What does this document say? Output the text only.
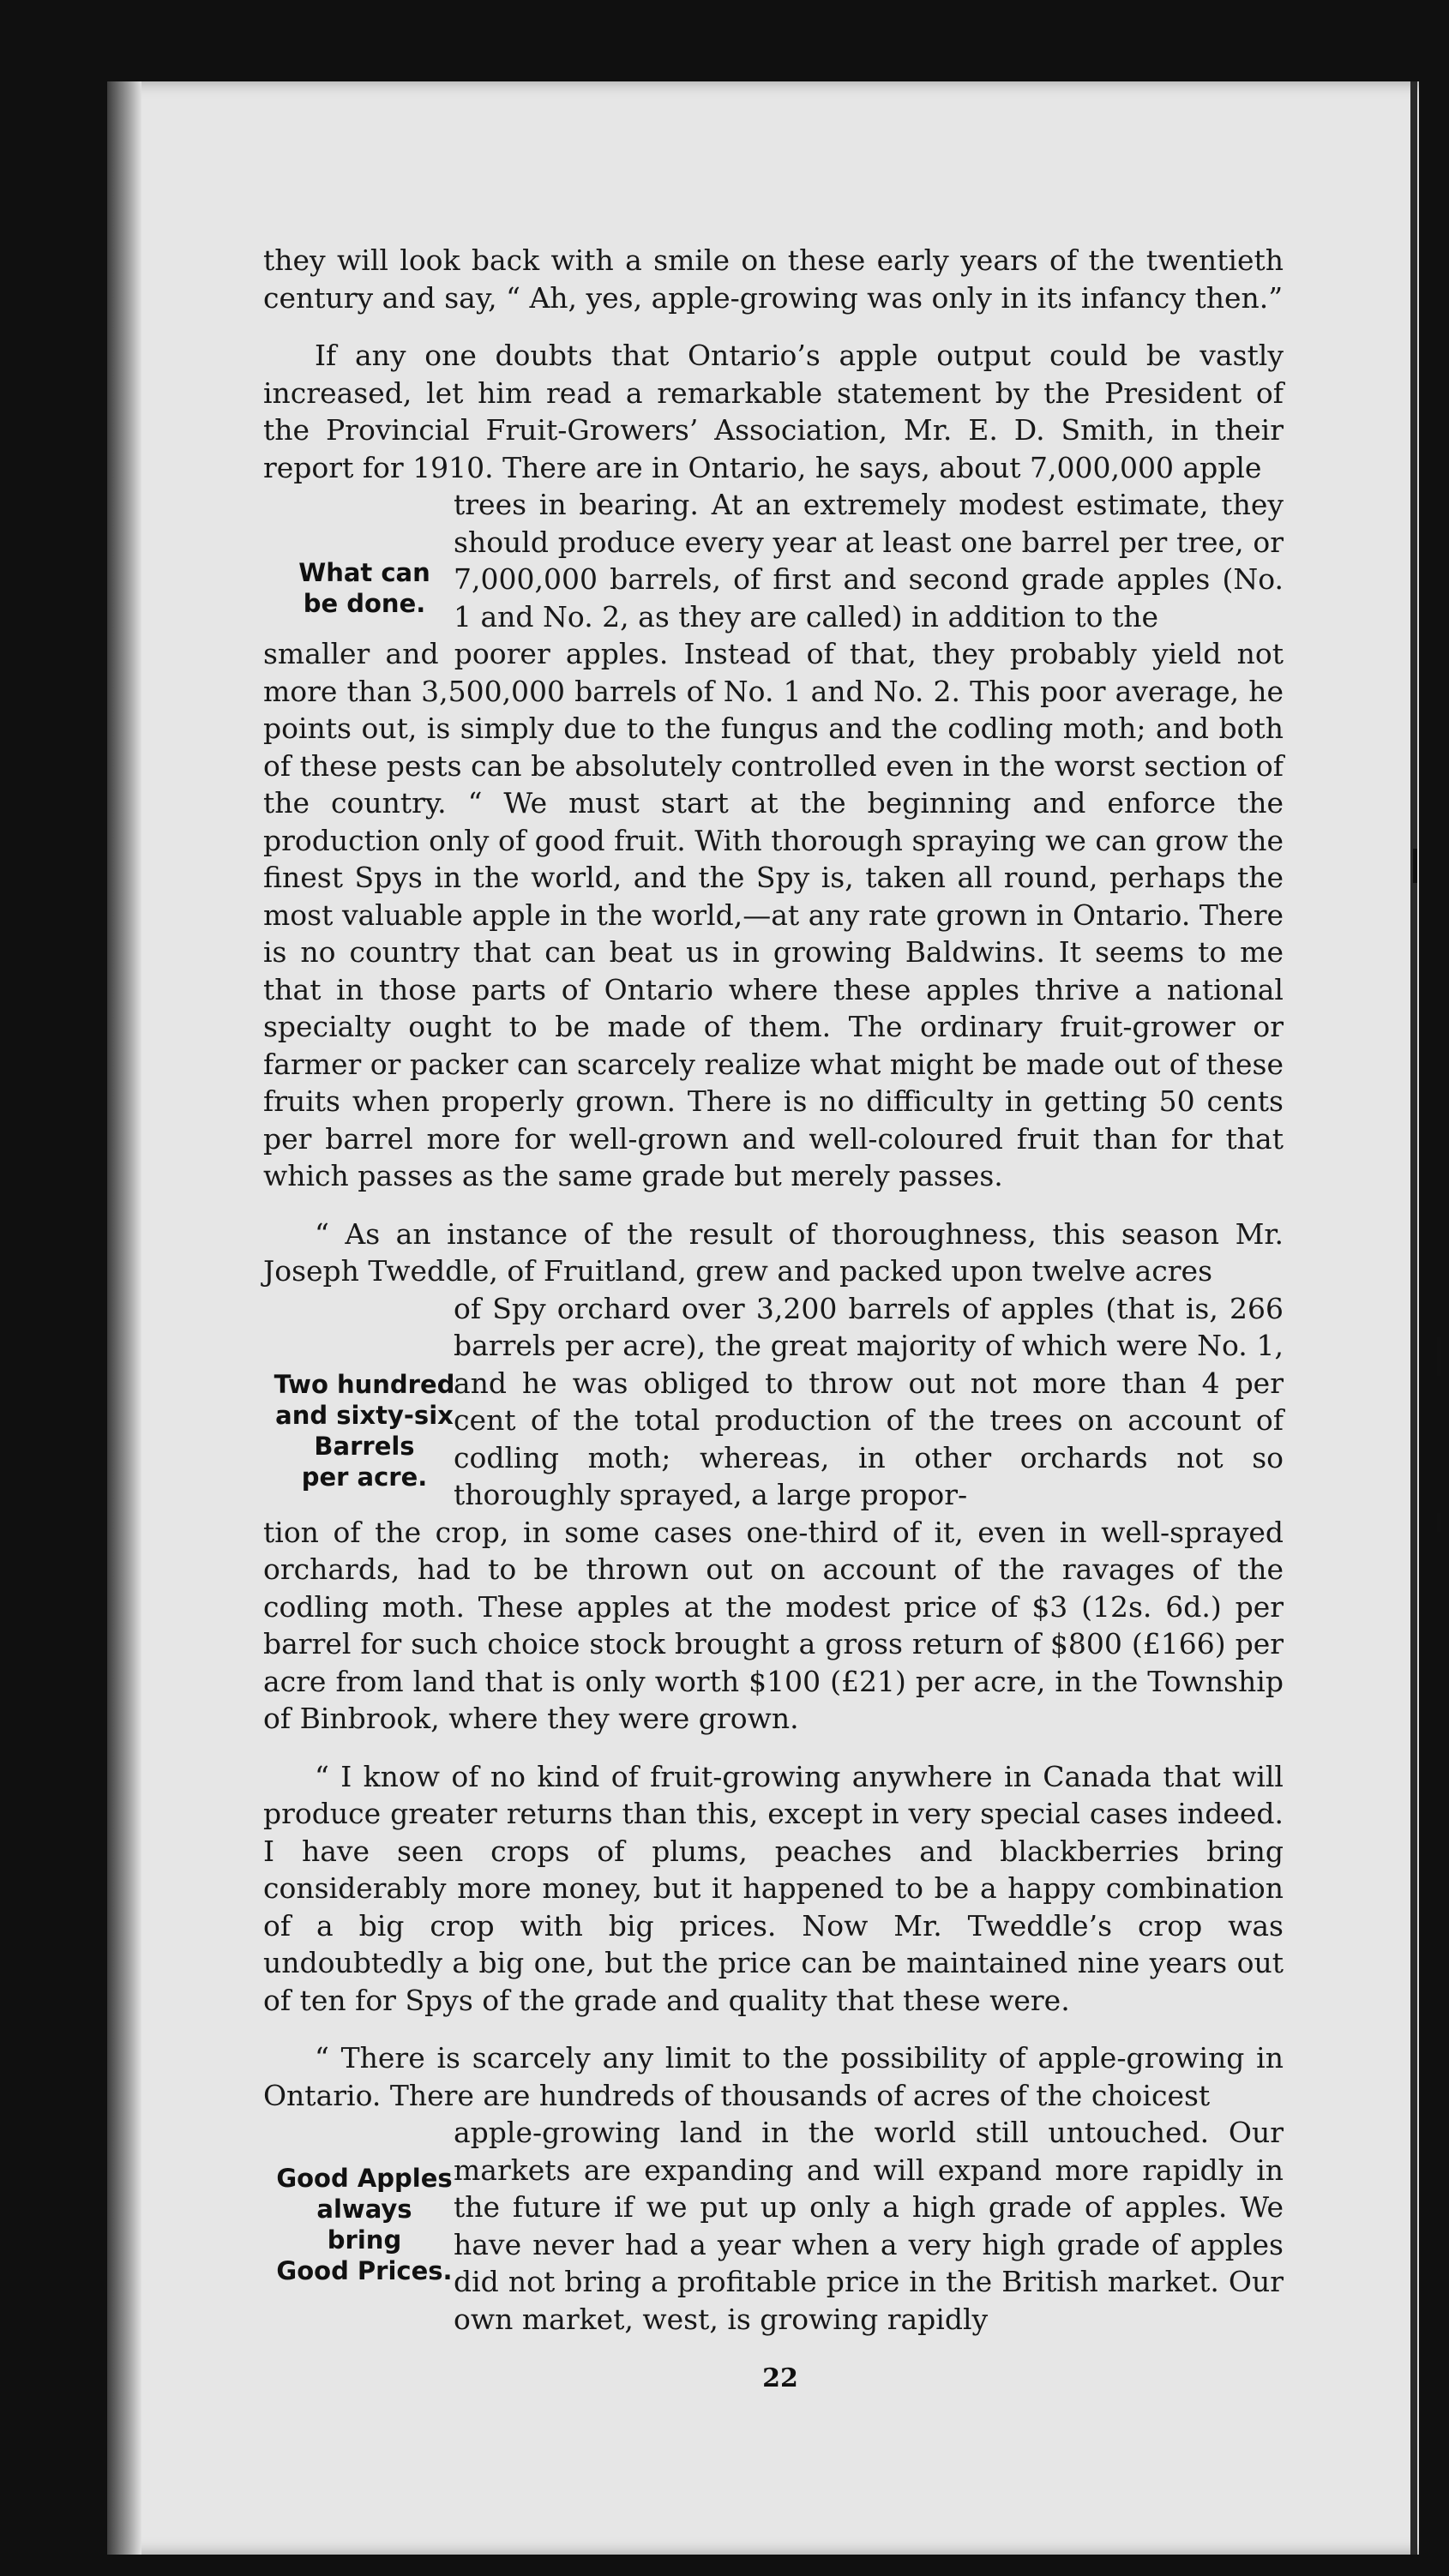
they will look back with a smile on these early years of the twentieth century and say, “ Ah, yes, apple-growing was only in its infancy then.”

If any one doubts that Ontario’s apple output could be vastly increased, let him read a remarkable statement by the President of the Provincial Fruit-Growers’ Association, Mr. E. D. Smith, in their report for 1910. There are in Ontario, he says, about 7,000,000 apple

trees in bearing. At an extremely modest estimate, they should produce every year at least one barrel per tree, or 7,000,000 barrels, of first and second grade apples (No. 1 and No. 2, as they are called) in addition to the

smaller and poorer apples. Instead of that, they probably yield not more than 3,500,000 barrels of No. 1 and No. 2. This poor average, he points out, is simply due to the fungus and the codling moth; and both of these pests can be absolutely controlled even in the worst section of the country. “ We must start at the beginning and enforce the production only of good fruit. With thorough spraying we can grow the finest Spys in the world, and the Spy is, taken all round, perhaps the most valuable apple in the world,—at any rate grown in Ontario. There is no country that can beat us in growing Baldwins. It seems to me that in those parts of Ontario where these apples thrive a national specialty ought to be made of them. The ordinary fruit-grower or farmer or packer can scarcely realize what might be made out of these fruits when properly grown. There is no difficulty in getting 50 cents per barrel more for well-grown and well-coloured fruit than for that which passes as the same grade but merely passes.

“ As an instance of the result of thoroughness, this season Mr. Joseph Tweddle, of Fruitland, grew and packed upon twelve acres

of Spy orchard over 3,200 barrels of apples (that is, 266 barrels per acre), the great majority of which were No. 1, and he was obliged to throw out not more than 4 per cent of the total production of the trees on account of codling moth; whereas, in other orchards not so thoroughly sprayed, a large propor-

tion of the crop, in some cases one-third of it, even in well-sprayed orchards, had to be thrown out on account of the ravages of the codling moth. These apples at the modest price of $3 (12s. 6d.) per barrel for such choice stock brought a gross return of $800 (£166) per acre from land that is only worth $100 (£21) per acre, in the Township of Binbrook, where they were grown.

“ I know of no kind of fruit-growing anywhere in Canada that will produce greater returns than this, except in very special cases indeed. I have seen crops of plums, peaches and blackberries bring considerably more money, but it happened to be a happy combination of a big crop with big prices. Now Mr. Tweddle’s crop was undoubtedly a big one, but the price can be maintained nine years out of ten for Spys of the grade and quality that these were.

“ There is scarcely any limit to the possibility of apple-growing in Ontario. There are hundreds of thousands of acres of the choicest

apple-growing land in the world still untouched. Our markets are expanding and will expand more rapidly in the future if we put up only a high grade of apples. We have never had a year when a very high grade of apples did not bring a profitable price in the British market. Our own market, west, is growing rapidly

What can
be done.
Two hundred
and sixty-six
Barrels
per acre.
Good Apples
always
bring
Good Prices.
22
